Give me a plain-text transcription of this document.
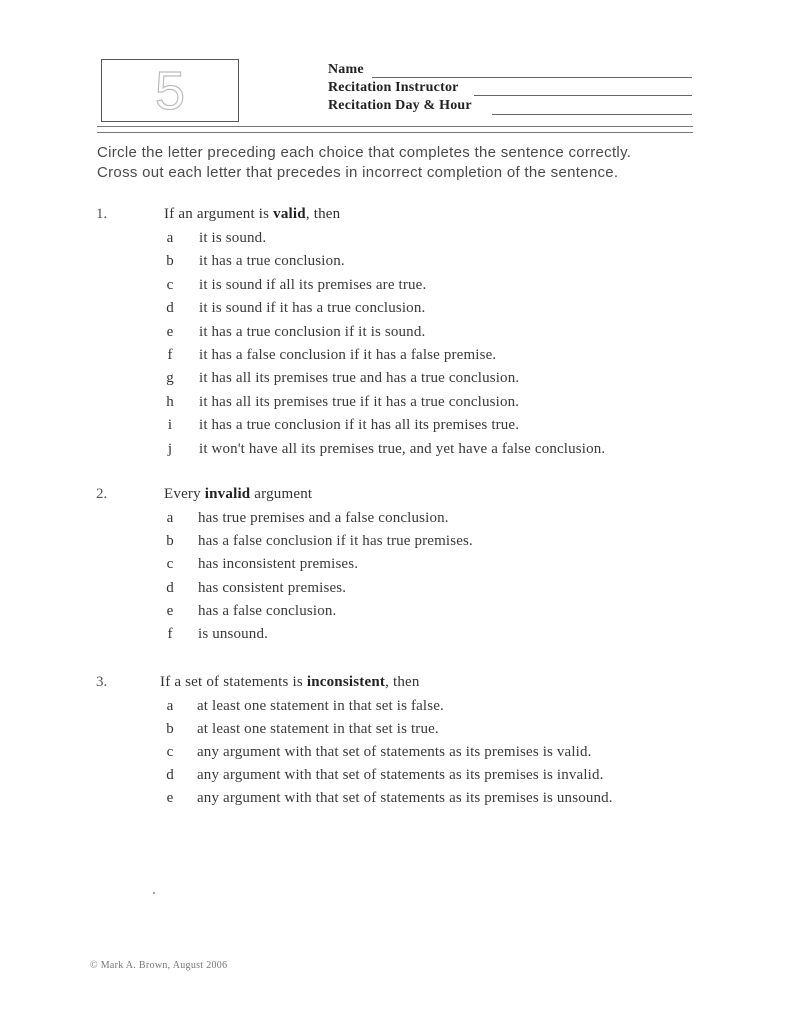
5	Name
Recitation Instructor
Recitation Day & Hour
Circle the letter preceding each choice that completes the sentence correctly.
Cross out each letter that precedes in incorrect completion of the sentence.
1.	If an argument is valid, then
a	it is sound.
b it has a true conclusion.
c	it is sound if all its premises are true.
d it is sound if it has a true conclusion.
e	it has a true conclusion if it is sound.
f	it has a false conclusion if it has a false premise.
g it has all its premises true and has a true conclusion.
h it has all its premises true if it has a true conclusion.
i	it has a true conclusion if it has all its premises true.
j	it won't have all its premises true, and yet have a false conclusion.
2.	Every invalid argument
a	has true premises and a false conclusion.
b has a false conclusion if it has true premises.
c	has inconsistent premises.
d has consistent premises.
e	has a false conclusion.
f	is unsound.
3.	If a set of statements is inconsistent, then
a	at least one statement in that set is false.
b at least one statement in that set is true.
c	any argument with that set of statements as its premises is valid.
d any argument with that set of statements as its premises is invalid.
e	any argument with that set of statements as its premises is unsound.
© Mark A. Brown, August 2006
